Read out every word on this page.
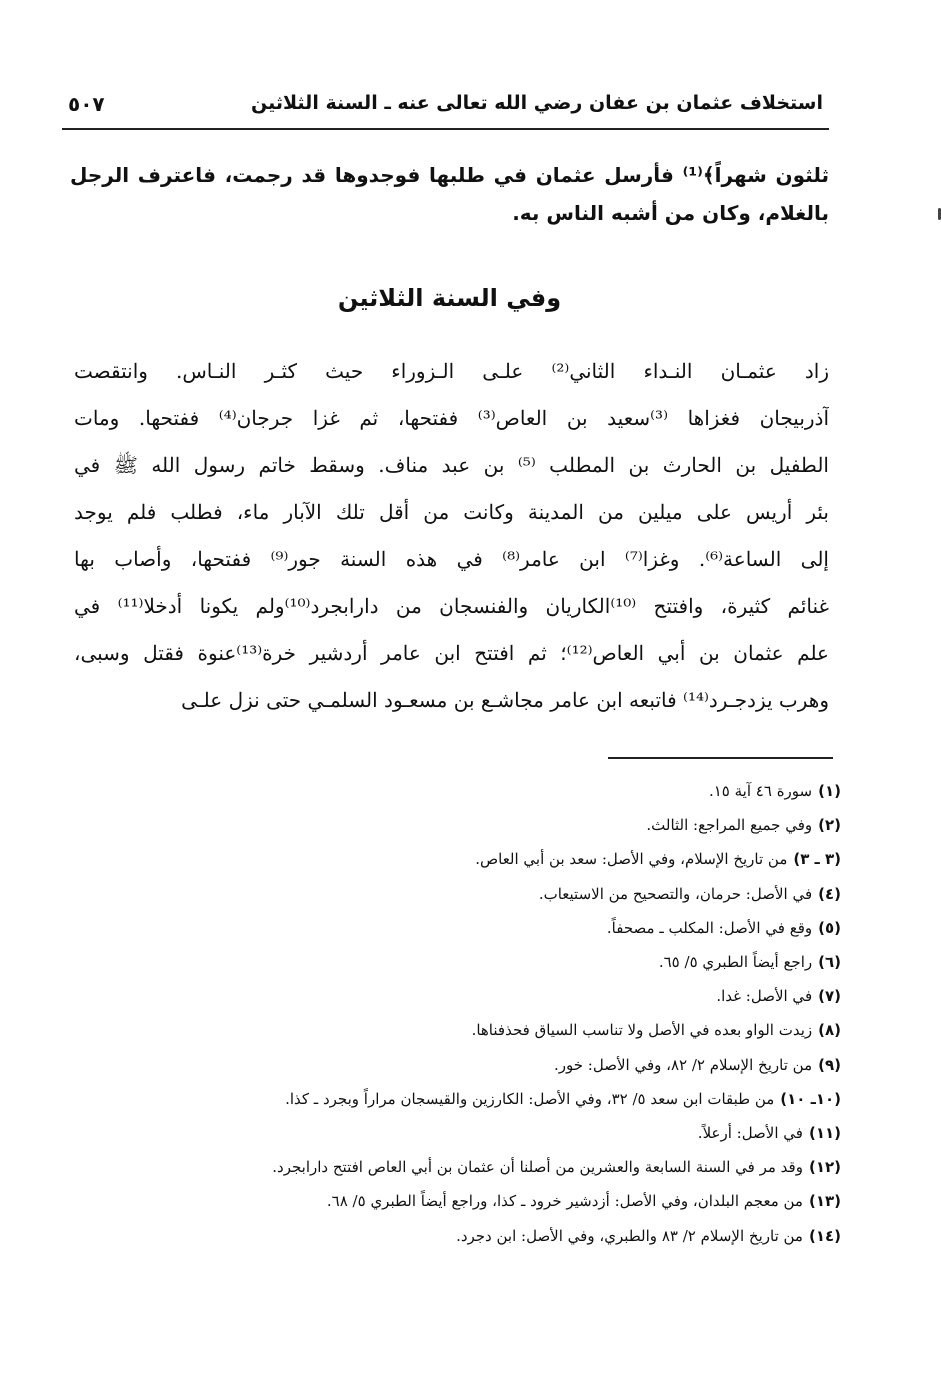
استخلاف عثمان بن عفان رضي الله تعالى عنه ـ السنة الثلاثين
٥٠٧

ثلثون شهراً﴾⁽¹⁾ فأرسل عثمان في طلبها فوجدوها قد رجمت، فاعترف الرجل بالغلام، وكان من أشبه الناس به.

وفي السنة الثلاثين
زاد عثمـان النـداء الثاني⁽²⁾ علـى الـزوراء حيث كثـر النـاس. وانتقصت
آذربيجان فغزاها ⁽³⁾سعيد بن العاص⁽³⁾ ففتحها، ثم غزا جرجان⁽⁴⁾ ففتحها. ومات
الطفيل بن الحارث بن المطلب ⁽⁵⁾ بن عبد مناف. وسقط خاتم رسول الله ﷺ في
بئر أريس على ميلين من المدينة وكانت من أقل تلك الآبار ماء، فطلب فلم يوجد
إلى الساعة⁽⁶⁾. وغزا⁽⁷⁾ ابن عامر⁽⁸⁾ في هذه السنة جور⁽⁹⁾ ففتحها، وأصاب بها
غنائم كثيرة، وافتتح ⁽¹⁰⁾الكاريان والفنسجان من دارابجرد⁽¹⁰⁾ولم يكونا أدخلا⁽¹¹⁾ في
علم عثمان بن أبي العاص⁽¹²⁾؛ ثم افتتح ابن عامر أردشير خرة⁽¹³⁾عنوة فقتل وسبى،
وهرب يزدجـرد⁽¹⁴⁾ فاتبعه ابن عامر مجاشـع بن مسعـود السلمـي حتى نزل علـى
(١)سورة ٤٦ آية ١٥.
(٢)وفي جميع المراجع: الثالث.
(٣ ـ ٣)من تاريخ الإسلام، وفي الأصل: سعد بن أبي العاص.
(٤)في الأصل: حرمان، والتصحيح من الاستيعاب.
(٥)وقع في الأصل: المكلب ـ مصحفاً.
(٦)راجع أيضاً الطبري ٥/ ٦٥.
(٧)في الأصل: غدا.
(٨)زيدت الواو بعده في الأصل ولا تناسب السياق فحذفناها.
(٩)من تاريخ الإسلام ٢/ ٨٢، وفي الأصل: خور.
(١٠ـ ١٠)من طبقات ابن سعد ٥/ ٣٢، وفي الأصل: الكارزين والقيسجان مراراً وبجرد ـ كذا.
(١١)في الأصل: أرعلاً.
(١٢)وقد مر في السنة السابعة والعشرين من أصلنا أن عثمان بن أبي العاص افتتح دارابجرد.
(١٣)من معجم البلدان، وفي الأصل: أزدشير خرود ـ كذا، وراجع أيضاً الطبري ٥/ ٦٨.
(١٤)من تاريخ الإسلام ٢/ ٨٣ والطبري، وفي الأصل: ابن دجرد.
